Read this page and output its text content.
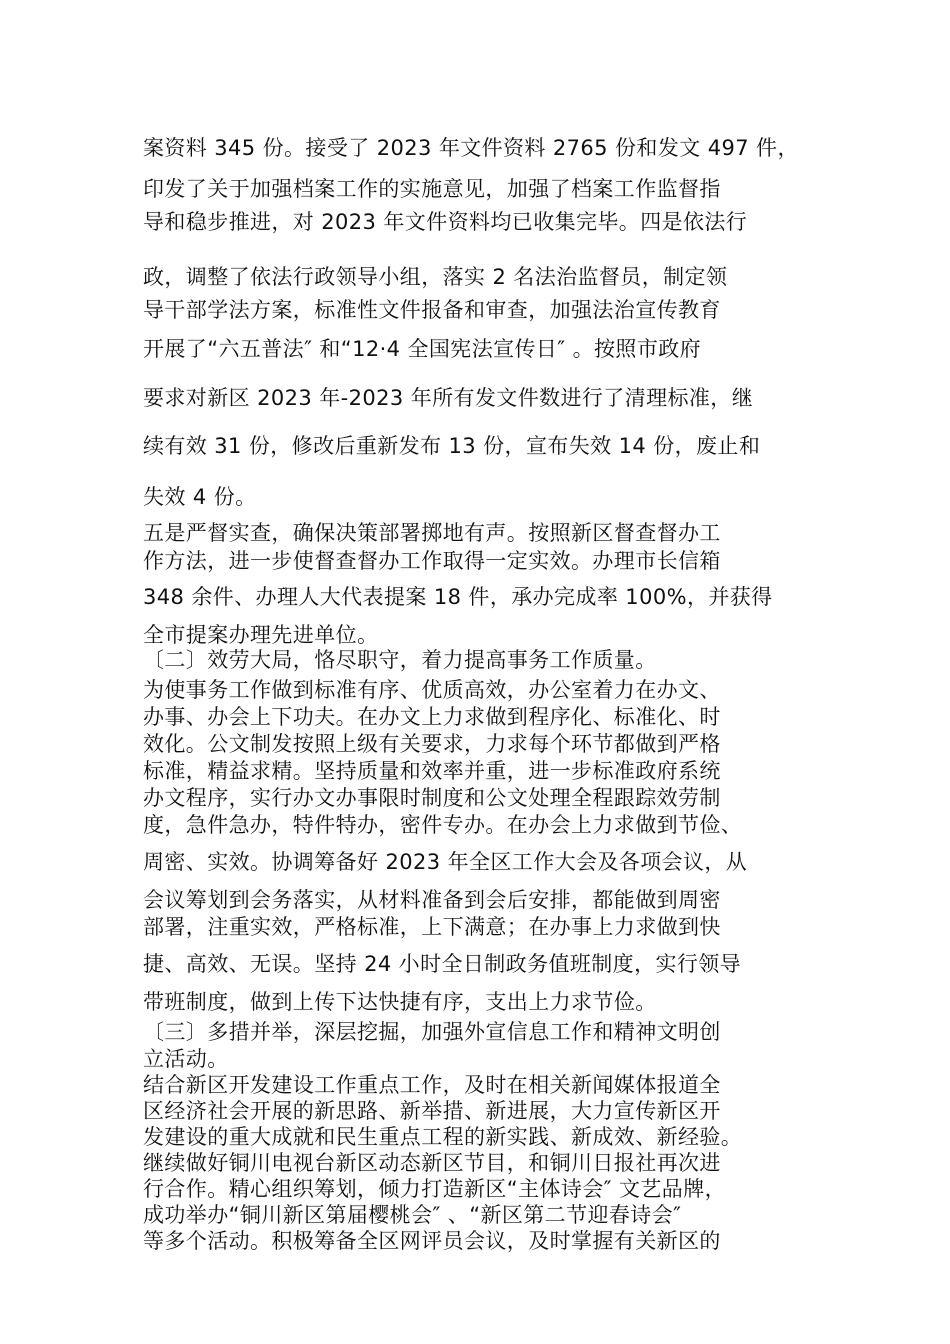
案资料 345 份。接受了 2023 年文件资料 2765 份和发文 497 件，
印发了关于加强档案工作的实施意见，加强了档案工作监督指
导和稳步推进，对 2023 年文件资料均已收集完毕。四是依法行
政，调整了依法行政领导小组，落实 2 名法治监督员，制定领
导干部学法方案，标准性文件报备和审查，加强法治宣传教育
开展了“六五普法″ 和“12·4 全国宪法宣传日″ 。按照市政府
要求对新区 2023 年-2023 年所有发文件数进行了清理标准，继
续有效 31 份，修改后重新发布 13 份，宣布失效 14 份，废止和
失效 4 份。
五是严督实查，确保决策部署掷地有声。按照新区督查督办工
作方法，进一步使督查督办工作取得一定实效。办理市长信箱
348 余件、办理人大代表提案 18 件，承办完成率 100%，并获得
全市提案办理先进单位。
〔二〕效劳大局，恪尽职守，着力提高事务工作质量。
为使事务工作做到标准有序、优质高效，办公室着力在办文、
办事、办会上下功夫。在办文上力求做到程序化、标准化、时
效化。公文制发按照上级有关要求，力求每个环节都做到严格
标准，精益求精。坚持质量和效率并重，进一步标准政府系统
办文程序，实行办文办事限时制度和公文处理全程跟踪效劳制
度，急件急办，特件特办，密件专办。在办会上力求做到节俭、
周密、实效。协调筹备好 2023 年全区工作大会及各项会议，从
会议筹划到会务落实，从材料准备到会后安排，都能做到周密
部署，注重实效，严格标准，上下满意；在办事上力求做到快
捷、高效、无误。坚持 24 小时全日制政务值班制度，实行领导
带班制度，做到上传下达快捷有序，支出上力求节俭。
〔三〕多措并举，深层挖掘，加强外宣信息工作和精神文明创
立活动。
结合新区开发建设工作重点工作，及时在相关新闻媒体报道全
区经济社会开展的新思路、新举措、新进展，大力宣传新区开
发建设的重大成就和民生重点工程的新实践、新成效、新经验。
继续做好铜川电视台新区动态新区节目，和铜川日报社再次进
行合作。精心组织筹划，倾力打造新区“主体诗会″ 文艺品牌，
成功举办“铜川新区第届樱桃会″ 、“新区第二节迎春诗会″
等多个活动。积极筹备全区网评员会议，及时掌握有关新区的
